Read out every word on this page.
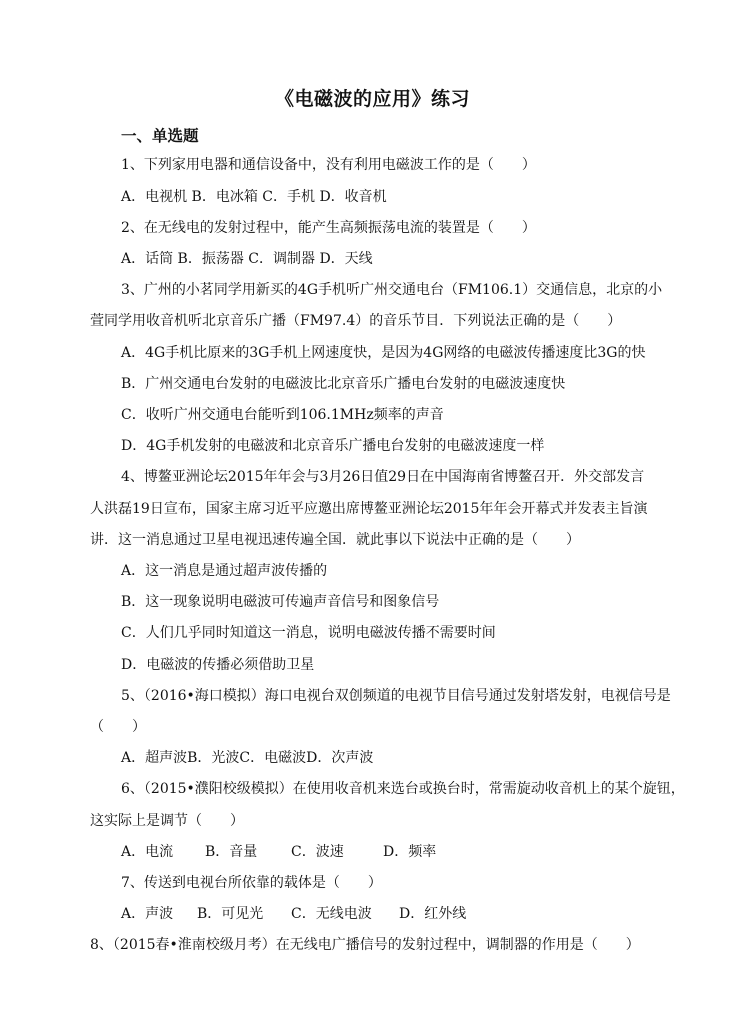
《电磁波的应用》练习
一、单选题
1、下列家用电器和通信设备中，没有利用电磁波工作的是（　　）
A．电视机 B．电冰箱 C．手机 D．收音机
2、在无线电的发射过程中，能产生高频振荡电流的装置是（　　）
A．话筒 B．振荡器 C．调制器 D．天线
3、广州的小茗同学用新买的4G手机听广州交通电台（FM106.1）交通信息，北京的小
萱同学用收音机听北京音乐广播（FM97.4）的音乐节目．下列说法正确的是（　　）
A．4G手机比原来的3G手机上网速度快，是因为4G网络的电磁波传播速度比3G的快
B．广州交通电台发射的电磁波比北京音乐广播电台发射的电磁波速度快
C．收听广州交通电台能听到106.1MHz频率的声音
D．4G手机发射的电磁波和北京音乐广播电台发射的电磁波速度一样
4、博鳌亚洲论坛2015年年会与3月26日值29日在中国海南省博鳌召开．外交部发言
人洪磊19日宣布，国家主席习近平应邀出席博鳌亚洲论坛2015年年会开幕式并发表主旨演
讲．这一消息通过卫星电视迅速传遍全国．就此事以下说法中正确的是（　　）
A．这一消息是通过超声波传播的
B．这一现象说明电磁波可传遍声音信号和图象信号
C．人们几乎同时知道这一消息，说明电磁波传播不需要时间
D．电磁波的传播必须借助卫星
5、（2016•海口模拟）海口电视台双创频道的电视节目信号通过发射塔发射，电视信号是
（　　）
A．超声波B．光波C．电磁波D．次声波
6、（2015•濮阳校级模拟）在使用收音机来选台或换台时，常需旋动收音机上的某个旋钮，
这实际上是调节（　　）
A．电流 B．音量 C．波速	D．频率
7、传送到电视台所依靠的载体是（　　）
A．声波 B．可见光 C．无线电波 D．红外线
8、（2015春•淮南校级月考）在无线电广播信号的发射过程中，调制器的作用是（　　）
